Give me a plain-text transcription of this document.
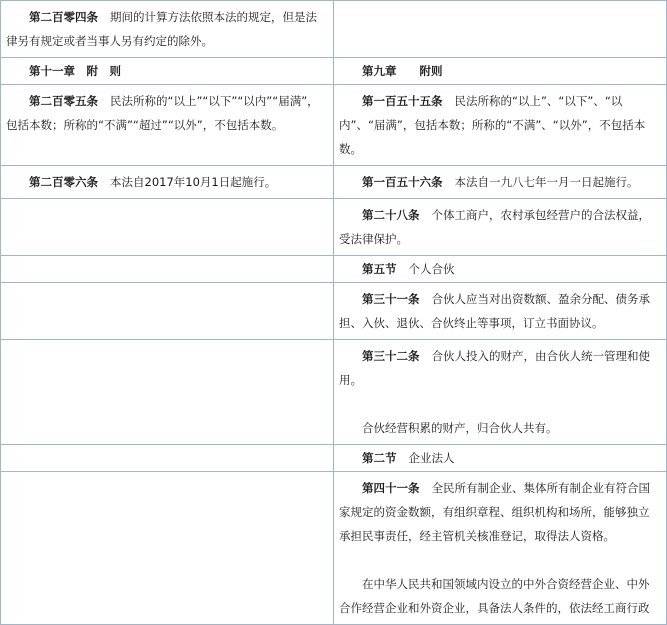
第二百零四条 期间的计算方法依照本法的规定，但是法律另有规定或者当事人另有约定的除外。	

第十一章　附　则	第九章　　附则

第二百零五条 民法所称的“以上”“以下”“以内”“届满”，包括本数；所称的“不满”“超过”“以外”，不包括本数。	第一百五十五条 民法所称的“以上”、“以下”、“以内”、“届满”，包括本数；所称的“不满”、“以外”，不包括本数。

第二百零六条 本法自2017年10月1日起施行。	第一百五十六条 本法自一九八七年一月一日起施行。

	第二十八条 个体工商户，农村承包经营户的合法权益，受法律保护。

	第五节 个人合伙

	第三十一条 合伙人应当对出资数额、盈余分配、债务承担、入伙、退伙、合伙终止等事项，订立书面协议。

	第三十二条 合伙人投入的财产，由合伙人统一管理和使用。
合伙经营积累的财产，归合伙人共有。

	第二节 企业法人

	第四十一条 全民所有制企业、集体所有制企业有符合国家规定的资金数额，有组织章程、组织机构和场所，能够独立承担民事责任，经主管机关核准登记，取得法人资格。
在中华人民共和国领域内设立的中外合资经营企业、中外合作经营企业和外资企业，具备法人条件的，依法经工商行政
